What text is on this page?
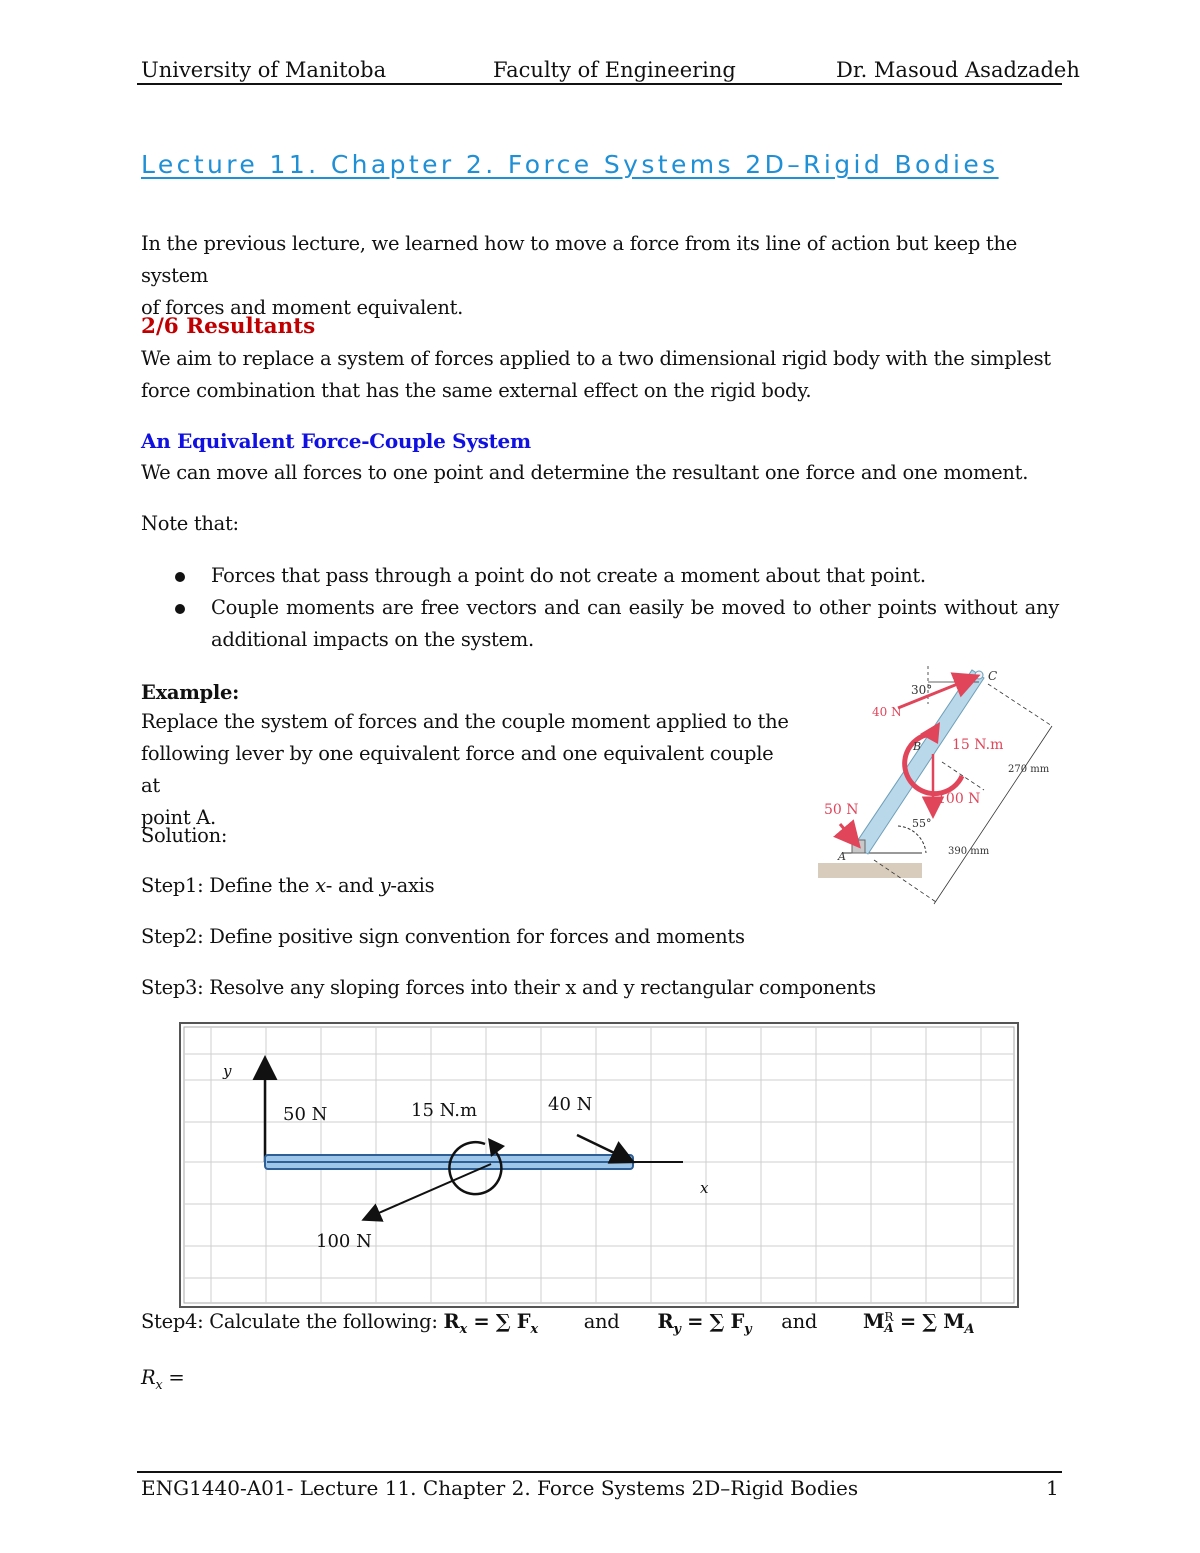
University of Manitoba	Faculty of Engineering	Dr. Masoud Asadzadeh
Lecture 11. Chapter 2. Force Systems 2D–Rigid Bodies
In the previous lecture, we learned how to move a force from its line of action but keep the system
of forces and moment equivalent.
2/6 Resultants
We aim to replace a system of forces applied to a two dimensional rigid body with the simplest
force combination that has the same external effect on the rigid body.
An Equivalent Force-Couple System
We can move all forces to one point and determine the resultant one force and one moment.
Note that:
Forces that pass through a point do not create a moment about that point.
Couple moments are free vectors and can easily be moved to other points without any
additional impacts on the system.
Example:
Replace the system of forces and the couple moment applied to the
following lever by one equivalent force and one equivalent couple at
point A.
Solution:
Step1: Define the x- and y-axis
Step2: Define positive sign convention for forces and moments
Step3: Resolve any sloping forces into their x and y rectangular components
40 N
30°
C
15 N.m
B
100 N
50 N
55°
A
270 mm
390 mm
y
x
50 N	15 N.m	40 N
100 N
Step4: Calculate the following: $R_x$ = ∑ $F_x$ and $R_y$ = ∑ $F_y$ and M R
A = ∑ $M_A$
$R_x$ =
ENG1440-A01- Lecture 11. Chapter 2. Force Systems 2D–Rigid Bodies	1
